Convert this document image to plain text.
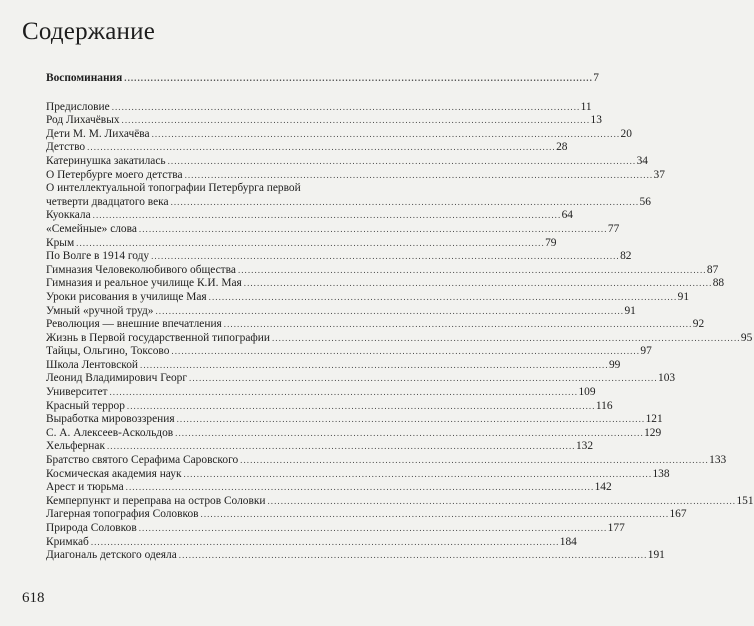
Содержание
Воспоминания . . .	7
Предисловие . . .	11
Род Лихачёвых . . .	13
Дети М. М. Лихачёва . . .	20
Детство . . .	28
Катеринушка закатилась . . .	34
О Петербурге моего детства . . .	37
О интеллектуальной топографии Петербурга первой
четверти двадцатого века . . .	56
Куоккала . . .	64
«Семейные» слова . . .	77
Крым . . .	79
По Волге в 1914 году . . .	82
Гимназия Человеколюбивого общества . . .	87
Гимназия и реальное училище К.И. Мая . . .	88
Уроки рисования в училище Мая . . .	91
Умный «ручной труд» . . .	91
Революция — внешние впечатления . . .	92
Жизнь в Первой государственной типографии . . .	95
Тайцы, Ольгино, Токсово . . .	97
Школа Лентовской . . .	99
Леонид Владимирович Георг . . .	103
Университет . . .	109
Красный террор . . .	116
Выработка мировоззрения . . .	121
С. А. Алексеев-Аскольдов . . .	129
Хельфернак . . .	132
Братство святого Серафима Саровского . . .	133
Космическая академия наук . . .	138
Арест и тюрьма . . .	142
Кемперпункт и переправа на остров Соловки . . .	151
Лагерная топография Соловков . . .	167
Природа Соловков . . .	177
Кримкаб . . .	184
Диагональ детского одеяла . . .	191
618
